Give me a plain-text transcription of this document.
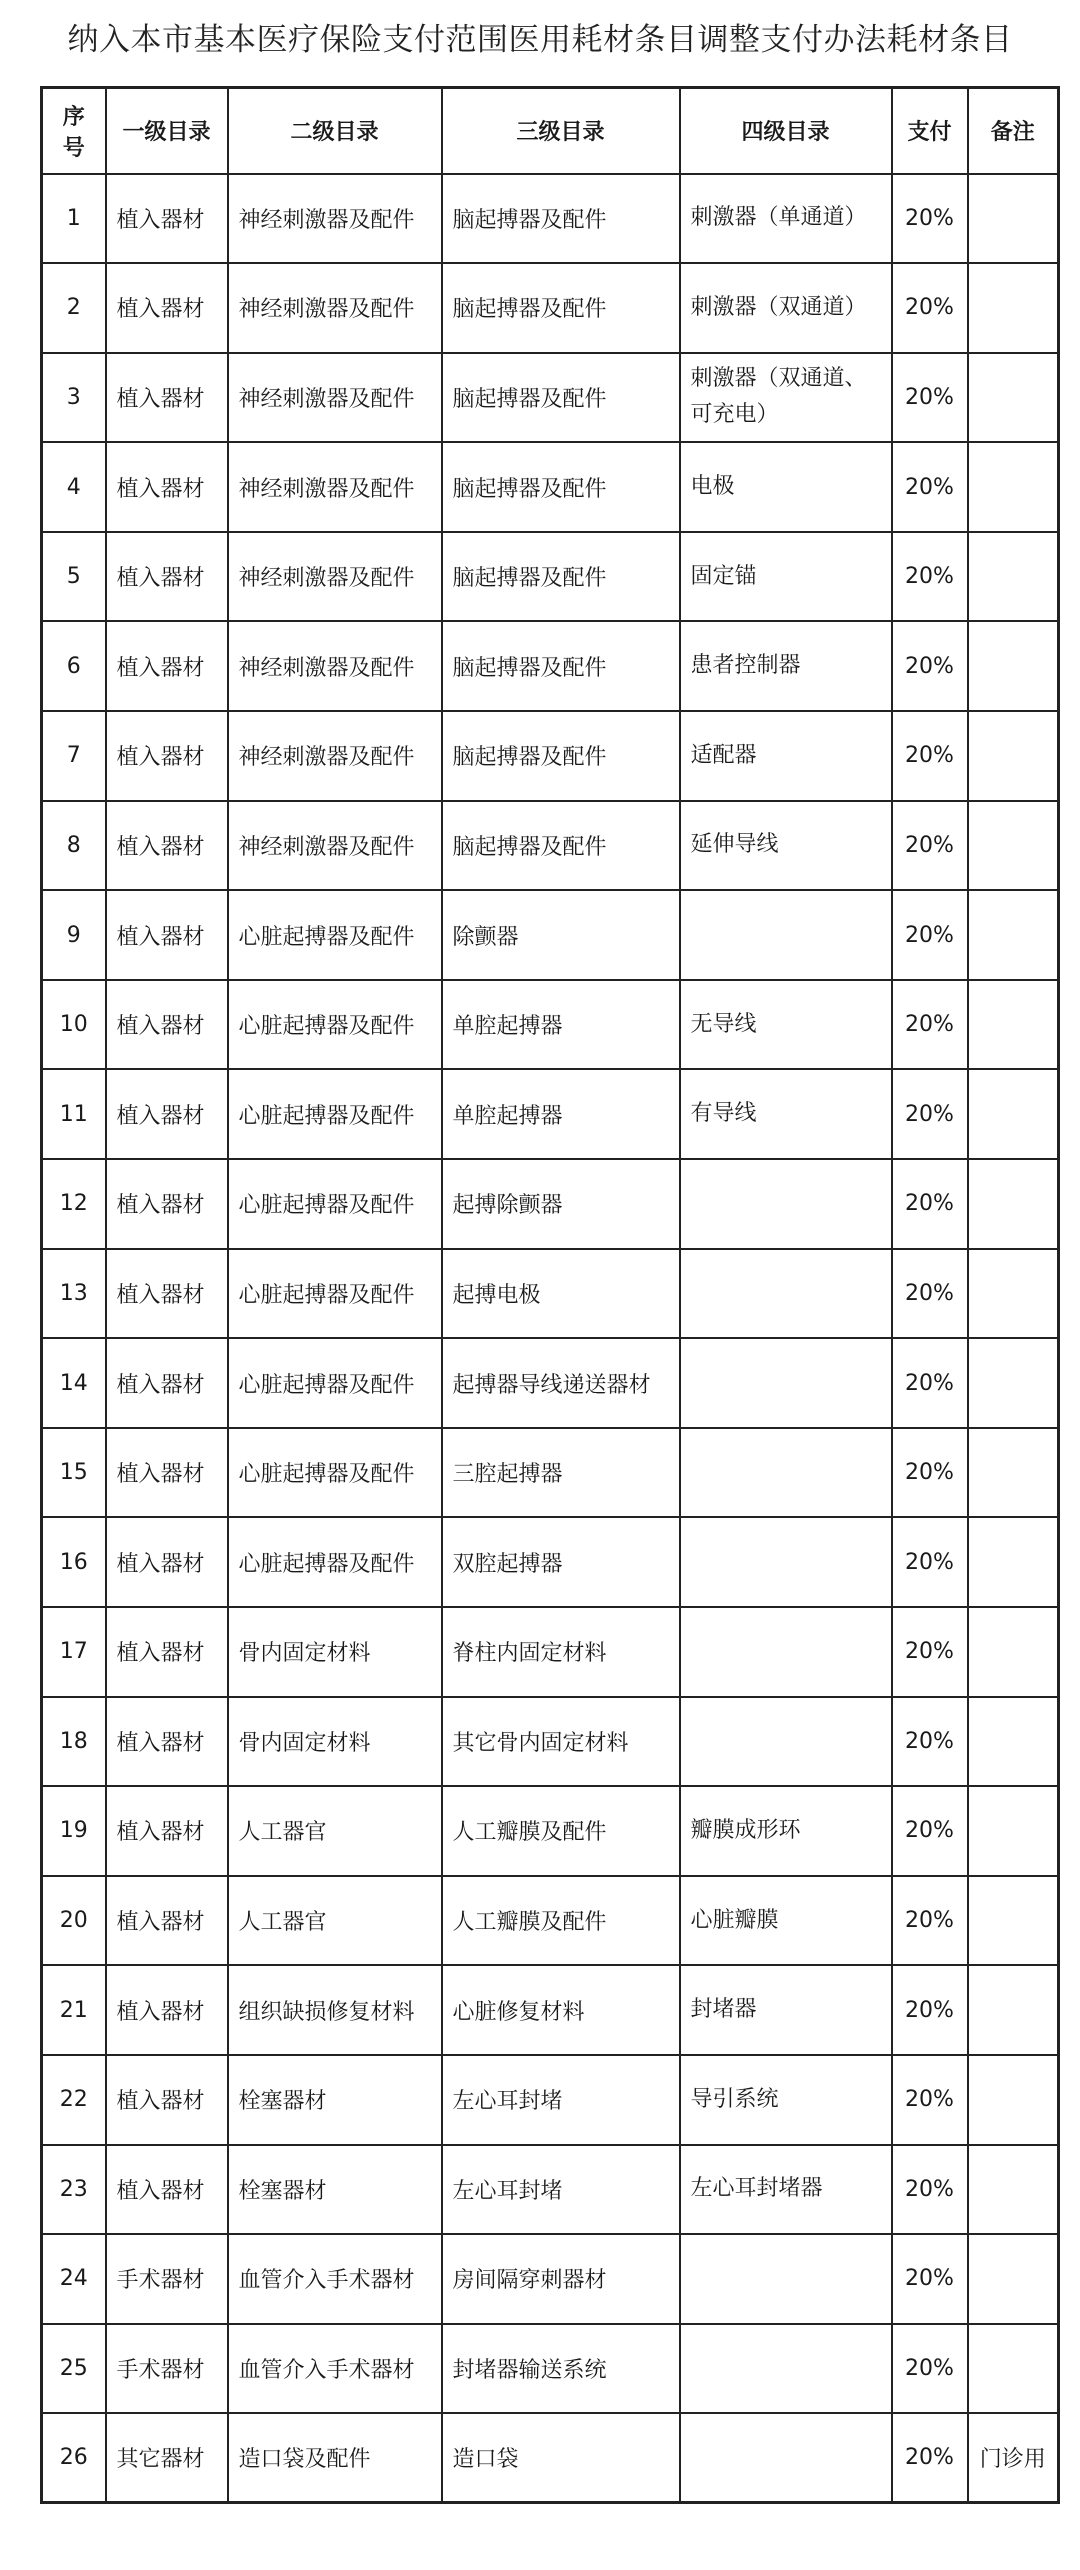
纳入本市基本医疗保险支付范围医用耗材条目调整支付办法耗材条目
序号	一级目录	二级目录	三级目录	四级目录	支付	备注
1	植入器材	神经刺激器及配件	脑起搏器及配件	刺激器（单通道）	20%	
2	植入器材	神经刺激器及配件	脑起搏器及配件	刺激器（双通道）	20%	
3	植入器材	神经刺激器及配件	脑起搏器及配件	刺激器（双通道、可充电）	20%	
4	植入器材	神经刺激器及配件	脑起搏器及配件	电极	20%	
5	植入器材	神经刺激器及配件	脑起搏器及配件	固定锚	20%	
6	植入器材	神经刺激器及配件	脑起搏器及配件	患者控制器	20%	
7	植入器材	神经刺激器及配件	脑起搏器及配件	适配器	20%	
8	植入器材	神经刺激器及配件	脑起搏器及配件	延伸导线	20%	
9	植入器材	心脏起搏器及配件	除颤器		20%	
10	植入器材	心脏起搏器及配件	单腔起搏器	无导线	20%	
11	植入器材	心脏起搏器及配件	单腔起搏器	有导线	20%	
12	植入器材	心脏起搏器及配件	起搏除颤器		20%	
13	植入器材	心脏起搏器及配件	起搏电极		20%	
14	植入器材	心脏起搏器及配件	起搏器导线递送器材		20%	
15	植入器材	心脏起搏器及配件	三腔起搏器		20%	
16	植入器材	心脏起搏器及配件	双腔起搏器		20%	
17	植入器材	骨内固定材料	脊柱内固定材料		20%	
18	植入器材	骨内固定材料	其它骨内固定材料		20%	
19	植入器材	人工器官	人工瓣膜及配件	瓣膜成形环	20%	
20	植入器材	人工器官	人工瓣膜及配件	心脏瓣膜	20%	
21	植入器材	组织缺损修复材料	心脏修复材料	封堵器	20%	
22	植入器材	栓塞器材	左心耳封堵	导引系统	20%	
23	植入器材	栓塞器材	左心耳封堵	左心耳封堵器	20%	
24	手术器材	血管介入手术器材	房间隔穿刺器材		20%	
25	手术器材	血管介入手术器材	封堵器输送系统		20%	
26	其它器材	造口袋及配件	造口袋		20%	门诊用
